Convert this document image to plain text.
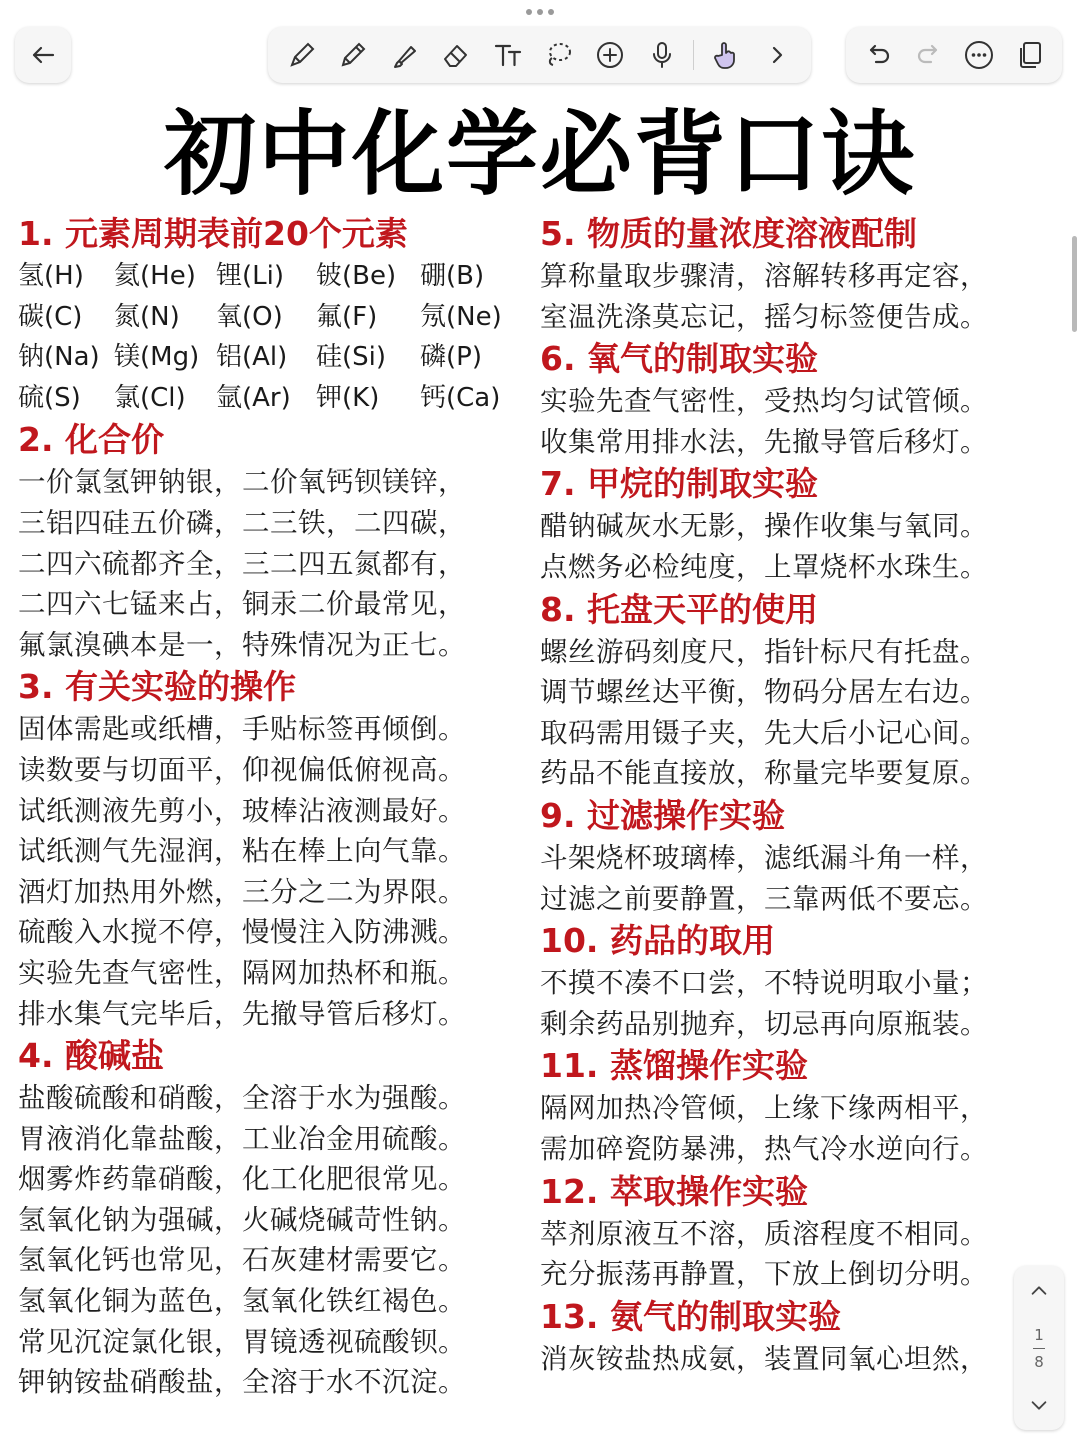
初中化学必背口诀
1. 元素周期表前20个元素
氢(H)	氦(He) 锂(Li)	铍(Be) 硼(B)
碳(C)	氮(N)	氧(O)	氟(F)	氖(Ne)
钠(Na) 镁(Mg) 铝(Al)	硅(Si)	磷(P)
硫(S)	氯(Cl)	氩(Ar) 钾(K)	钙(Ca)
2. 化合价
一价氯氢钾钠银，二价氧钙钡镁锌，
三铝四硅五价磷，二三铁，二四碳，
二四六硫都齐全，三二四五氮都有，
二四六七锰来占，铜汞二价最常见，
氟氯溴碘本是一，特殊情况为正七。
3. 有关实验的操作
固体需匙或纸槽，手贴标签再倾倒。
读数要与切面平，仰视偏低俯视高。
试纸测液先剪小，玻棒沾液测最好。
试纸测气先湿润，粘在棒上向气靠。
酒灯加热用外燃，三分之二为界限。
硫酸入水搅不停，慢慢注入防沸溅。
实验先查气密性，隔网加热杯和瓶。
排水集气完毕后，先撤导管后移灯。
4. 酸碱盐
盐酸硫酸和硝酸，全溶于水为强酸。
胃液消化靠盐酸，工业冶金用硫酸。
烟雾炸药靠硝酸，化工化肥很常见。
氢氧化钠为强碱，火碱烧碱苛性钠。
氢氧化钙也常见，石灰建材需要它。
氢氧化铜为蓝色，氢氧化铁红褐色。
常见沉淀氯化银，胃镜透视硫酸钡。
钾钠铵盐硝酸盐，全溶于水不沉淀。
5. 物质的量浓度溶液配制
算称量取步骤清，溶解转移再定容，
室温洗涤莫忘记，摇匀标签便告成。
6. 氧气的制取实验
实验先查气密性，受热均匀试管倾。
收集常用排水法，先撤导管后移灯。
7. 甲烷的制取实验
醋钠碱灰水无影，操作收集与氧同。
点燃务必检纯度，上罩烧杯水珠生。
8. 托盘天平的使用
螺丝游码刻度尺，指针标尺有托盘。
调节螺丝达平衡，物码分居左右边。
取码需用镊子夹，先大后小记心间。
药品不能直接放，称量完毕要复原。
9. 过滤操作实验
斗架烧杯玻璃棒，滤纸漏斗角一样，
过滤之前要静置，三靠两低不要忘。
10. 药品的取用
不摸不凑不口尝，不特说明取小量；
剩余药品别抛弃，切忌再向原瓶装。
11. 蒸馏操作实验
隔网加热冷管倾，上缘下缘两相平，
需加碎瓷防暴沸，热气冷水逆向行。
12. 萃取操作实验
萃剂原液互不溶，质溶程度不相同。
充分振荡再静置，下放上倒切分明。
13. 氨气的制取实验
消灰铵盐热成氨，装置同氧心坦然，
1
8
